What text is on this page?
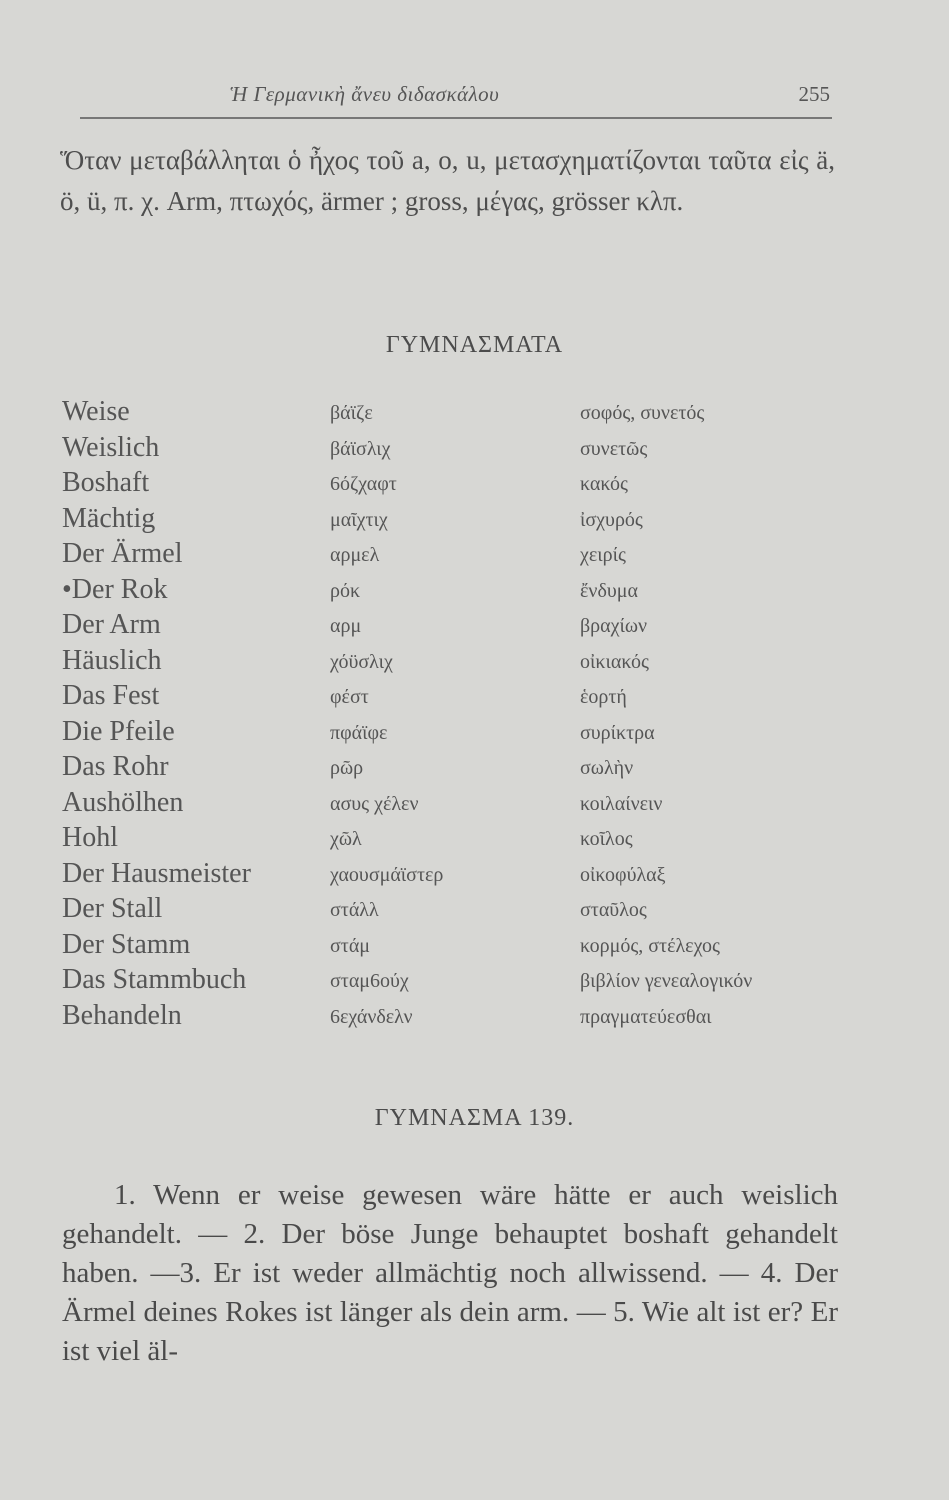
Ἡ Γερμανικὴ ἄνευ διδασκάλου	255

Ὅταν μεταβάλληται ὁ ἦχος τοῦ a, o, u, μετασχηματίζονται ταῦτα εἰς ä, ö, ü, π. χ. Arm, πτωχός, ärmer ; gross, μέγας, grösser κλπ.

ΓΥΜΝΑΣΜΑΤΑ
Weise	βάϊζε	σοφός, συνετός
Weislich	βάϊσλιχ	συνετῶς
Boshaft	6όζχαφτ	κακός
Mächtig	μαῖχτιχ	ἰσχυρός
Der Ärmel	αρμελ	χειρίς
•Der Rok	ρόκ	ἔνδυμα
Der Arm	αρμ	βραχίων
Häuslich	χόϋσλιχ	οἰκιακός
Das Fest	φέστ	ἑορτή
Die Pfeile	πφάϊφε	συρίκτρα
Das Rohr	ρῶρ	σωλὴν
Aushölhen	ασυς χέλεν	κοιλαίνειν
Hohl	χῶλ	κοῖλος
Der Hausmeister	χαουσμάϊστερ	οἰκοφύλαξ
Der Stall	στάλλ	σταῦλος
Der Stamm	στάμ	κορμός, στέλεχος
Das Stammbuch	σταμ6ούχ	βιβλίον γενεαλογικόν
Behandeln	6εχάνδελν	πραγματεύεσθαι
ΓΥΜΝΑΣΜΑ 139.

1. Wenn er weise gewesen wäre hätte er auch weislich gehandelt. — 2. Der böse Junge behauptet boshaft gehandelt haben. —3. Er ist weder allmächtig noch allwissend. — 4. Der Ärmel deines Rokes ist länger als dein arm. — 5. Wie alt ist er? Er ist viel äl-
